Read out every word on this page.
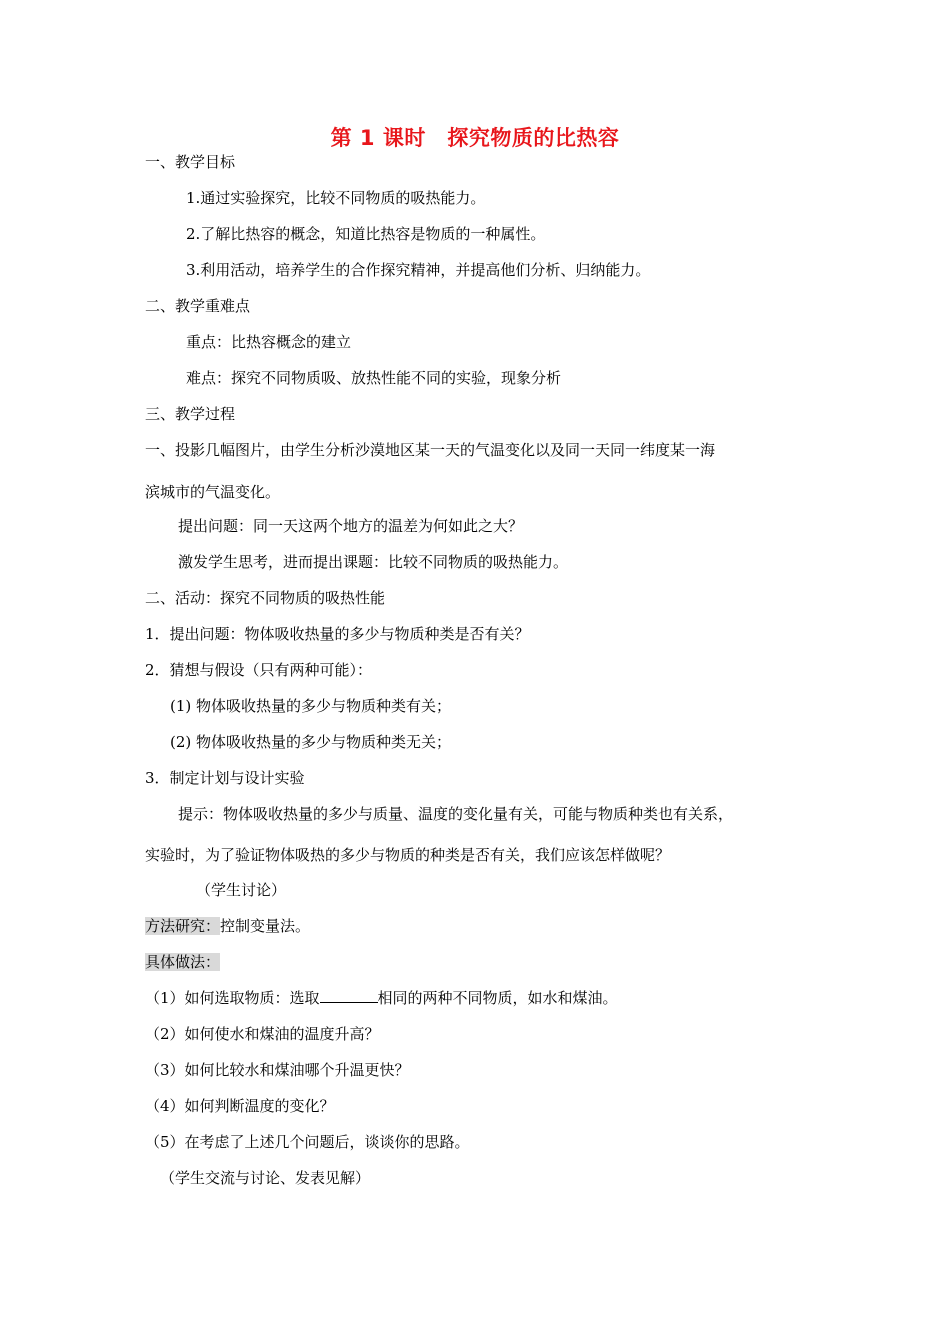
第 1 课时　探究物质的比热容
一、教学目标
1.通过实验探究，比较不同物质的吸热能力。
2.了解比热容的概念，知道比热容是物质的一种属性。
3.利用活动，培养学生的合作探究精神，并提高他们分析、归纳能力。
二、教学重难点
重点：比热容概念的建立
难点：探究不同物质吸、放热性能不同的实验，现象分析
三、教学过程
一、投影几幅图片，由学生分析沙漠地区某一天的气温变化以及同一天同一纬度某一海
滨城市的气温变化。
提出问题：同一天这两个地方的温差为何如此之大？
激发学生思考，进而提出课题：比较不同物质的吸热能力。
二、活动：探究不同物质的吸热性能
1．提出问题：物体吸收热量的多少与物质种类是否有关？
2．猜想与假设（只有两种可能）：
(1) 物体吸收热量的多少与物质种类有关；
(2) 物体吸收热量的多少与物质种类无关；
3．制定计划与设计实验
提示：物体吸收热量的多少与质量、温度的变化量有关，可能与物质种类也有关系，
实验时，为了验证物体吸热的多少与物质的种类是否有关，我们应该怎样做呢？
（学生讨论）
方法研究：控制变量法。
具体做法：
（1）如何选取物质：选取	相同的两种不同物质，如水和煤油。
（2）如何使水和煤油的温度升高？
（3）如何比较水和煤油哪个升温更快？
（4）如何判断温度的变化？
（5）在考虑了上述几个问题后，谈谈你的思路。
（学生交流与讨论、发表见解）
